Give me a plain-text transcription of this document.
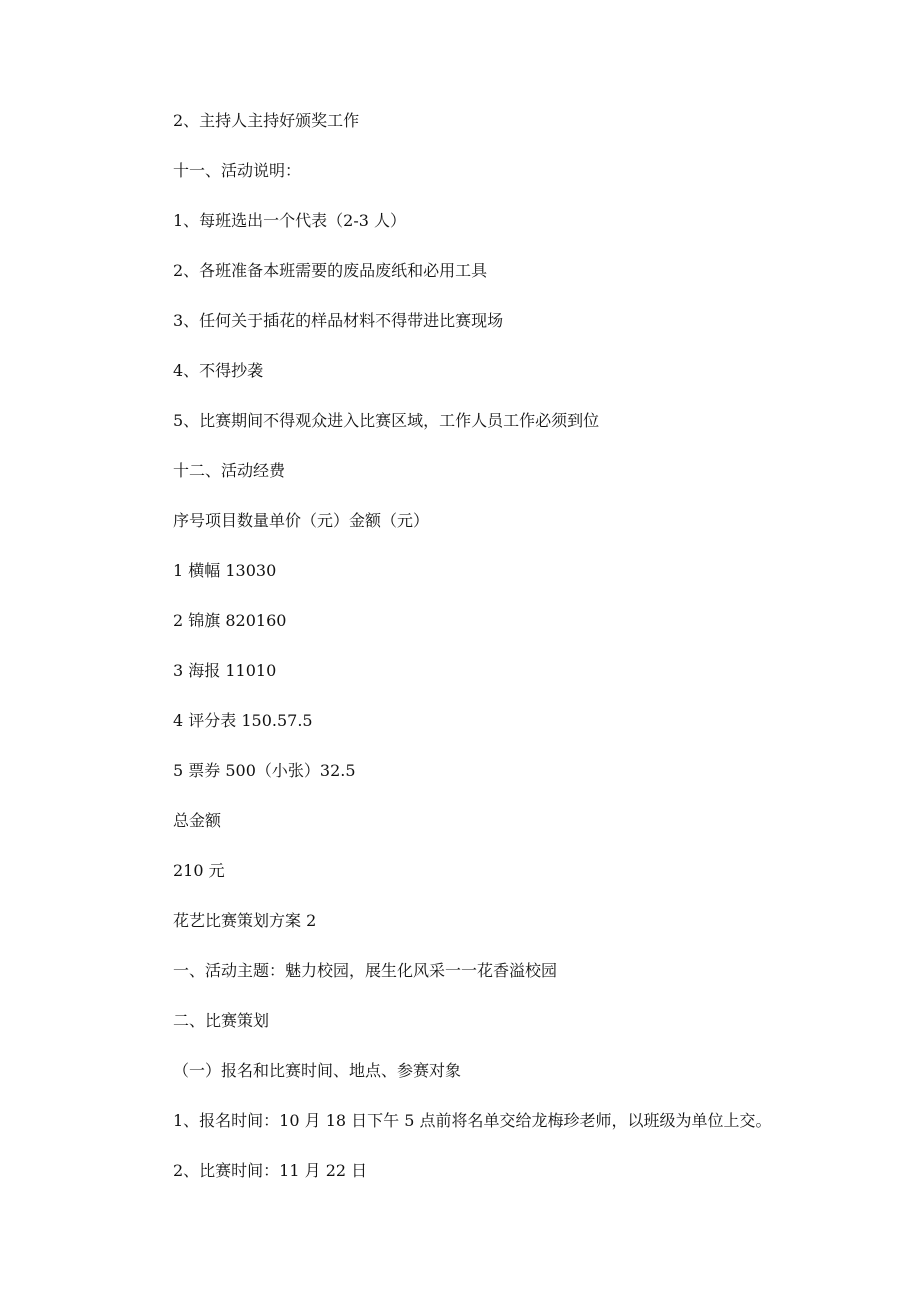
2、主持人主持好颁奖工作
十一、活动说明：
1、每班选出一个代表（2-3 人）
2、各班准备本班需要的废品废纸和必用工具
3、任何关于插花的样品材料不得带进比赛现场
4、不得抄袭
5、比赛期间不得观众进入比赛区域，工作人员工作必须到位
十二、活动经费
序号项目数量单价（元）金额（元）
1 横幅 13030
2 锦旗 820160
3 海报 11010
4 评分表 150.57.5
5 票券 500（小张）32.5
总金额
210 元
花艺比赛策划方案 2
一、活动主题：魅力校园，展生化风采一一花香溢校园
二、比赛策划
（一）报名和比赛时间、地点、参赛对象
1、报名时间：10 月 18 日下午 5 点前将名单交给龙梅珍老师，以班级为单位上交。
2、比赛时间：11 月 22 日
